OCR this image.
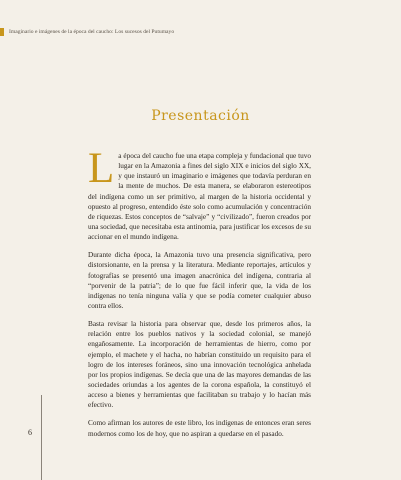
Imaginario e imágenes de la época del caucho: Los sucesos del Putumayo
Presentación

La época del caucho fue una etapa compleja y fundacional que tuvo lugar en la Amazonia a fines del siglo XIX e inicios del siglo XX, y que instauró un imaginario e imágenes que todavía perduran en la mente de muchos. De esta manera, se elaboraron estereotipos del indígena como un ser primitivo, al margen de la historia occidental y opuesto al progreso, entendido éste solo como acumulación y concentración de riquezas. Estos conceptos de “salvaje” y “civilizado”, fueron creados por una sociedad, que necesitaba esta antinomia, para justificar los excesos de su accionar en el mundo indígena.

Durante dicha época, la Amazonia tuvo una presencia significativa, pero distorsionante, en la prensa y la literatura. Mediante reportajes, artículos y fotografías se presentó una imagen anacrónica del indígena, contraria al “porvenir de la patria”; de lo que fue fácil inferir que, la vida de los indígenas no tenía ninguna valía y que se podía cometer cualquier abuso contra ellos.

Basta revisar la historia para observar que, desde los primeros años, la relación entre los pueblos nativos y la sociedad colonial, se manejó engañosamente. La incorporación de herramientas de hierro, como por ejemplo, el machete y el hacha, no habrían constituido un requisito para el logro de los intereses foráneos, sino una innovación tecnológica anhelada por los propios indígenas. Se decía que una de las mayores demandas de las sociedades oriundas a los agentes de la corona española, la constituyó el acceso a bienes y herramientas que facilitaban su trabajo y lo hacían más efectivo.

Como afirman los autores de este libro, los indígenas de entonces eran seres modernos como los de hoy, que no aspiran a quedarse en el pasado.

6
